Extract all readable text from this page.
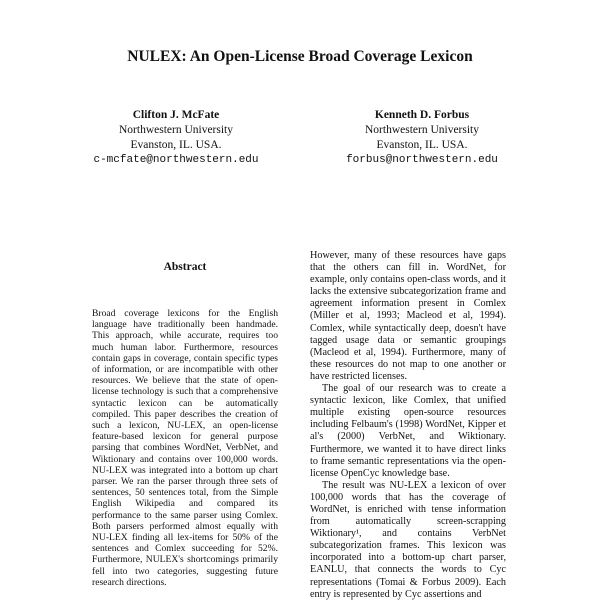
NULEX: An Open-License Broad Coverage Lexicon
Clifton J. McFate
Northwestern University
Evanston, IL. USA.
c-mcfate@northwestern.edu
Kenneth D. Forbus
Northwestern University
Evanston, IL. USA.
forbus@northwestern.edu
Abstract

Broad coverage lexicons for the English language have traditionally been handmade. This approach, while accurate, requires too much human labor. Furthermore, resources contain gaps in coverage, contain specific types of information, or are incompatible with other resources. We believe that the state of open-license technology is such that a comprehensive syntactic lexicon can be automatically compiled. This paper describes the creation of such a lexicon, NU-LEX, an open-license feature-based lexicon for general purpose parsing that combines WordNet, VerbNet, and Wiktionary and contains over 100,000 words. NU-LEX was integrated into a bottom up chart parser. We ran the parser through three sets of sentences, 50 sentences total, from the Simple English Wikipedia and compared its performance to the same parser using Comlex. Both parsers performed almost equally with NU-LEX finding all lex-items for 50% of the sentences and Comlex succeeding for 52%. Furthermore, NULEX's shortcomings primarily fell into two categories, suggesting future research directions.

However, many of these resources have gaps that the others can fill in. WordNet, for example, only contains open-class words, and it lacks the extensive subcategorization frame and agreement information present in Comlex (Miller et al, 1993; Macleod et al, 1994). Comlex, while syntactically deep, doesn't have tagged usage data or semantic groupings (Macleod et al, 1994). Furthermore, many of these resources do not map to one another or have restricted licenses.

The goal of our research was to create a syntactic lexicon, like Comlex, that unified multiple existing open-source resources including Felbaum's (1998) WordNet, Kipper et al's (2000) VerbNet, and Wiktionary. Furthermore, we wanted it to have direct links to frame semantic representations via the open-license OpenCyc knowledge base.

The result was NU-LEX a lexicon of over 100,000 words that has the coverage of WordNet, is enriched with tense information from automatically screen-scrapping Wiktionary¹, and contains VerbNet subcategorization frames. This lexicon was incorporated into a bottom-up chart parser, EANLU, that connects the words to Cyc representations (Tomai & Forbus 2009). Each entry is represented by Cyc assertions and
